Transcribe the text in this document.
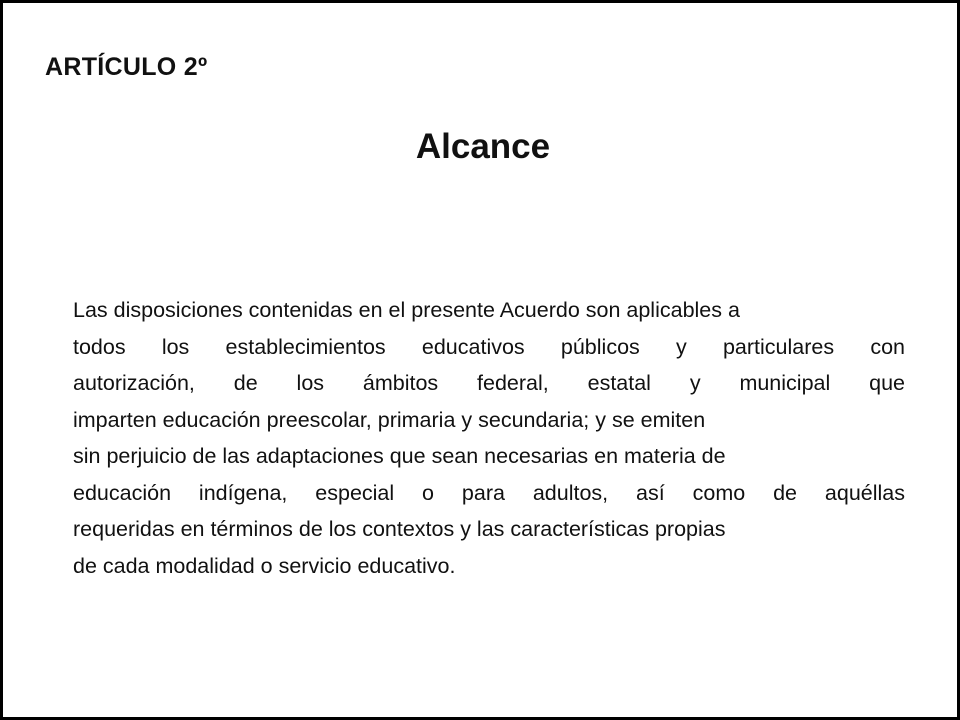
ARTÍCULO 2º
Alcance
Las disposiciones contenidas en el presente Acuerdo son aplicables a
todos los establecimientos educativos públicos y particulares con
autorización, de los ámbitos federal, estatal y municipal que
imparten educación preescolar, primaria y secundaria; y se emiten
sin perjuicio de las adaptaciones que sean necesarias en materia de
educación indígena, especial o para adultos, así como de aquéllas
requeridas en términos de los contextos y las características propias
de cada modalidad o servicio educativo.
